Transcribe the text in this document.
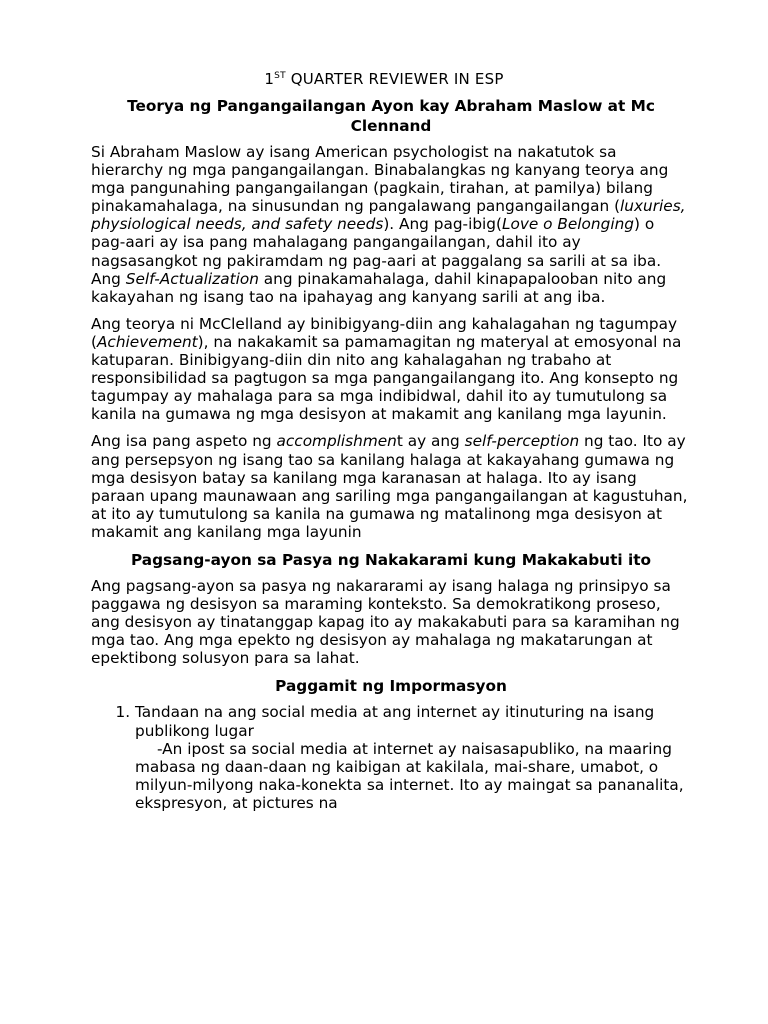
1ST QUARTER REVIEWER IN ESP
Teorya ng Pangangailangan Ayon kay Abraham Maslow at Mc Clennand

Si Abraham Maslow ay isang American psychologist na nakatutok sa hierarchy ng mga pangangailangan. Binabalangkas ng kanyang teorya ang mga pangunahing pangangailangan (pagkain, tirahan, at pamilya) bilang pinakamahalaga, na sinusundan ng pangalawang pangangailangan (luxuries, physiological needs, and safety needs). Ang pag-ibig(Love o Belonging) o pag-aari ay isa pang mahalagang pangangailangan, dahil ito ay nagsasangkot ng pakiramdam ng pag-aari at paggalang sa sarili at sa iba. Ang Self-Actualization ang pinakamahalaga, dahil kinapapalooban nito ang kakayahan ng isang tao na ipahayag ang kanyang sarili at ang iba.

Ang teorya ni McClelland ay binibigyang-diin ang kahalagahan ng tagumpay (Achievement), na nakakamit sa pamamagitan ng materyal at emosyonal na katuparan. Binibigyang-diin din nito ang kahalagahan ng trabaho at responsibilidad sa pagtugon sa mga pangangailangang ito. Ang konsepto ng tagumpay ay mahalaga para sa mga indibidwal, dahil ito ay tumutulong sa kanila na gumawa ng mga desisyon at makamit ang kanilang mga layunin.

Ang isa pang aspeto ng accomplishment ay ang self-perception ng tao. Ito ay ang persepsyon ng isang tao sa kanilang halaga at kakayahang gumawa ng mga desisyon batay sa kanilang mga karanasan at halaga. Ito ay isang paraan upang maunawaan ang sariling mga pangangailangan at kagustuhan, at ito ay tumutulong sa kanila na gumawa ng matalinong mga desisyon at makamit ang kanilang mga layunin

Pagsang-ayon sa Pasya ng Nakakarami kung Makakabuti ito

Ang pagsang-ayon sa pasya ng nakararami ay isang halaga ng prinsipyo sa paggawa ng desisyon sa maraming konteksto. Sa demokratikong proseso, ang desisyon ay tinatanggap kapag ito ay makakabuti para sa karamihan ng mga tao. Ang mga epekto ng desisyon ay mahalaga ng makatarungan at epektibong solusyon para sa lahat.

Paggamit ng Impormasyon
1. Tandaan na ang social media at ang internet ay itinuturing na isang publikong lugar
-An ipost sa social media at internet ay naisasapubliko, na maaring mabasa ng daan-daan ng kaibigan at kakilala, mai-share, umabot, o milyun-milyong naka-konekta sa internet. Ito ay maingat sa pananalita, ekspresyon, at pictures na
